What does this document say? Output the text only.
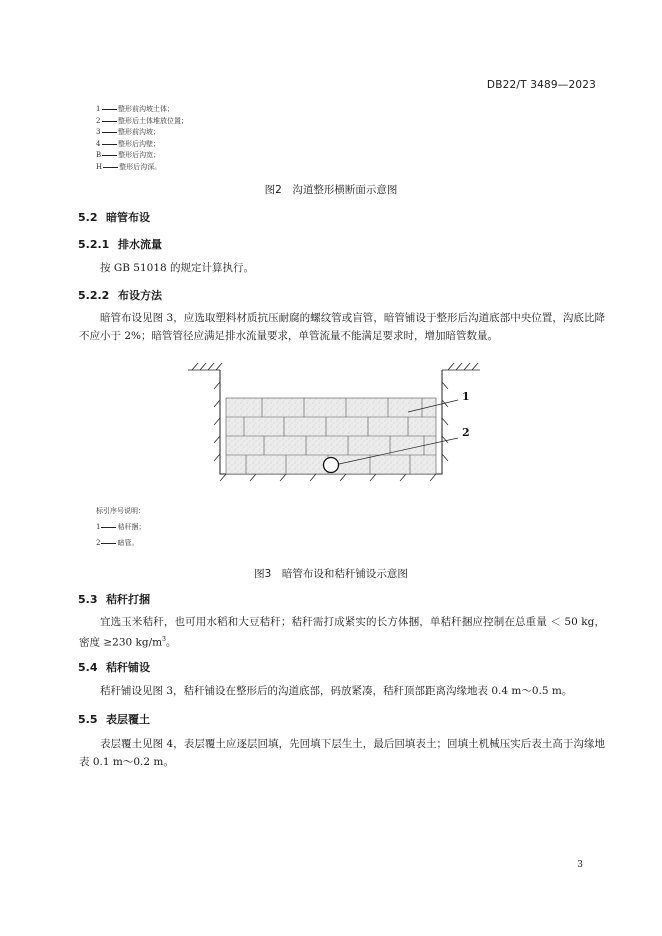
DB22/T 3489—2023
1	整形前沟坡土体；
2	整形后土体堆放位置；
3	整形前沟坡；
4	整形后沟壁；
B 整形后沟宽；
H 整形后沟深。
图2　沟道整形横断面示意图
5.2 暗管布设
5.2.1 排水流量
按 GB 51018 的规定计算执行。
5.2.2 布设方法
暗管布设见图 3，应选取塑料材质抗压耐腐的螺纹管或盲管，暗管铺设于整形后沟道底部中央位置，沟底比降不应小于 2%；暗管管径应满足排水流量要求，单管流量不能满足要求时，增加暗管数量。
1
2
标引序号说明：
1 秸秆捆；
2 暗管。
图3　暗管布设和秸秆铺设示意图
5.3 秸秆打捆
宜选玉米秸秆，也可用水稻和大豆秸秆；秸秆需打成紧实的长方体捆，单秸秆捆应控制在总重量 ＜ 50 kg，密度 ≥230 $kg/m^3$。
5.4 秸秆铺设
秸秆铺设见图 3，秸秆铺设在整形后的沟道底部，码放紧凑，秸秆顶部距离沟缘地表 0.4 m～0.5 m。
5.5 表层覆土
表层覆土见图 4，表层覆土应逐层回填，先回填下层生土，最后回填表土；回填土机械压实后表土高于沟缘地表 0.1 m～0.2 m。
3
